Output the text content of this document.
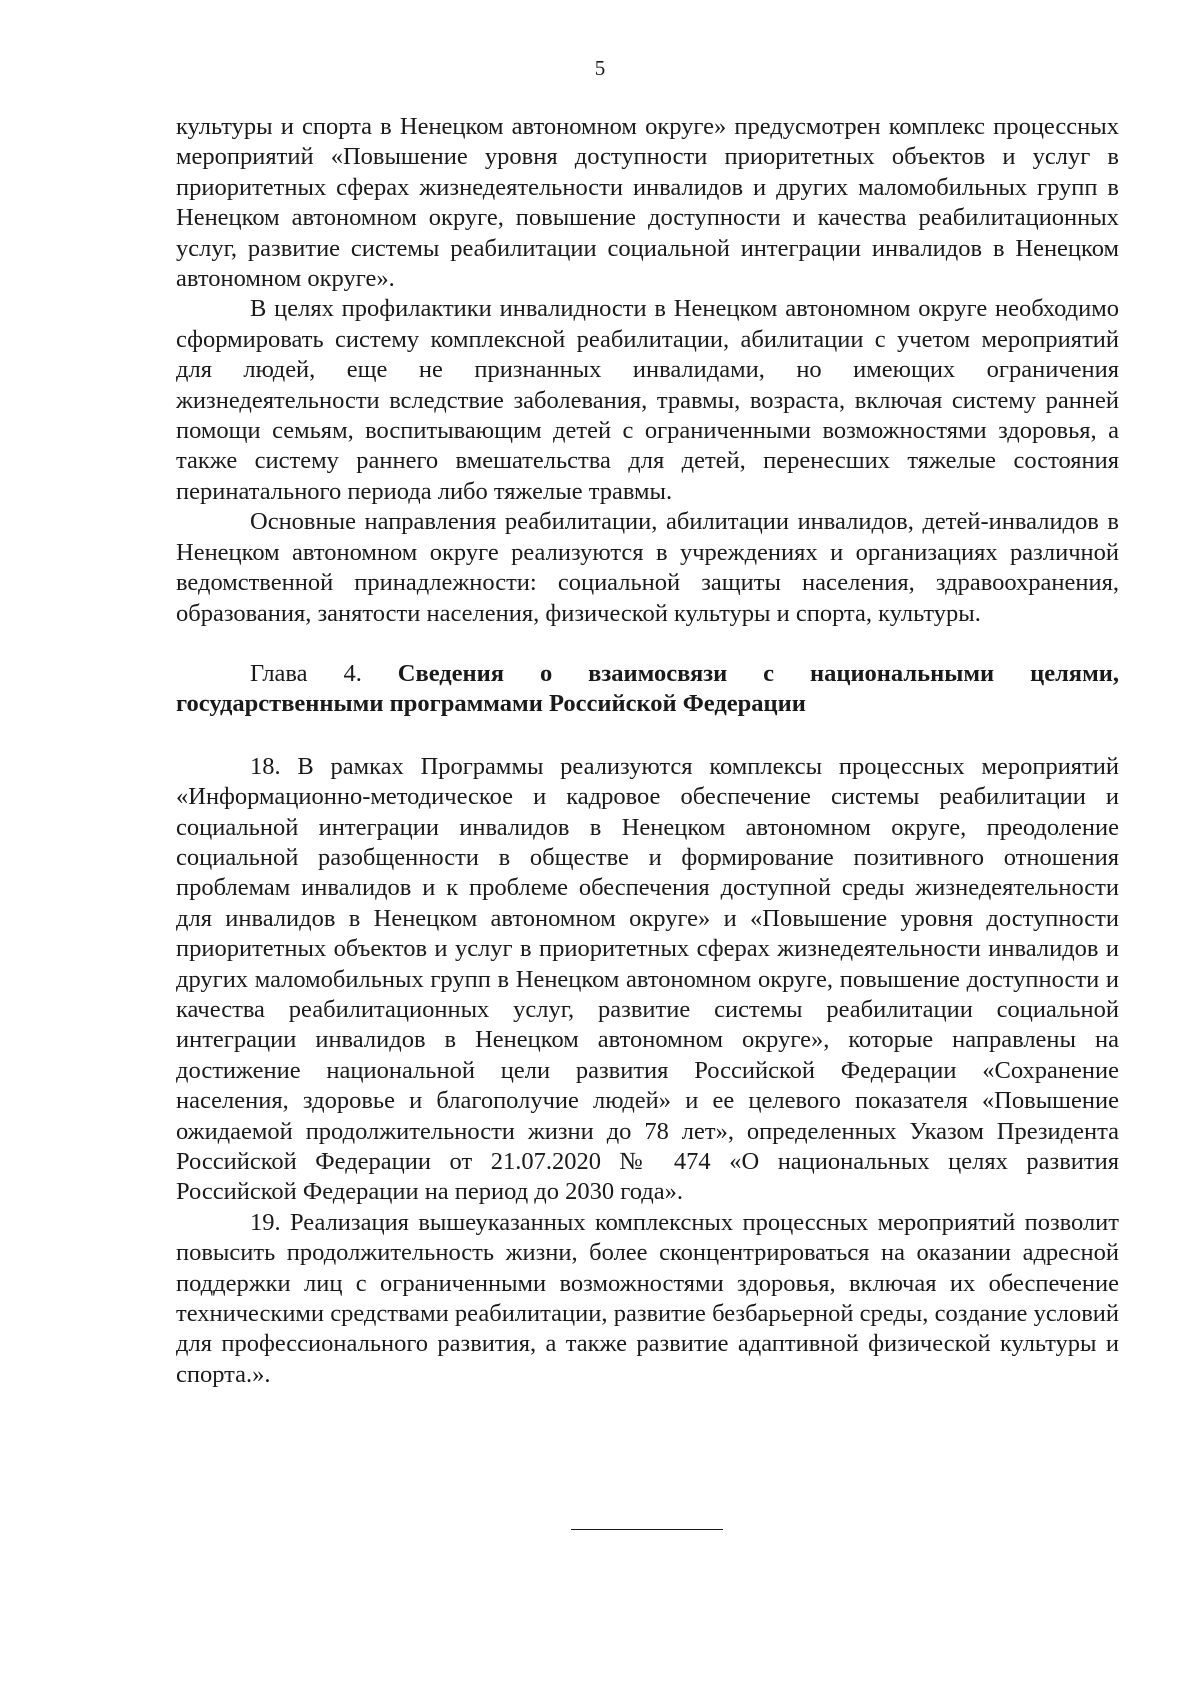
5

культуры и спорта в Ненецком автономном округе» предусмотрен комплекс процессных мероприятий «Повышение уровня доступности приоритетных объектов и услуг в приоритетных сферах жизнедеятельности инвалидов и других маломобильных групп в Ненецком автономном округе, повышение доступности и качества реабилитационных услуг, развитие системы реабилитации социальной интеграции инвалидов в Ненецком автономном округе».

В целях профилактики инвалидности в Ненецком автономном округе необходимо сформировать систему комплексной реабилитации, абилитации с учетом мероприятий для людей, еще не признанных инвалидами, но имеющих ограничения жизнедеятельности вследствие заболевания, травмы, возраста, включая систему ранней помощи семьям, воспитывающим детей с ограниченными возможностями здоровья, а также систему раннего вмешательства для детей, перенесших тяжелые состояния перинатального периода либо тяжелые травмы.

Основные направления реабилитации, абилитации инвалидов, детей-инвалидов в Ненецком автономном округе реализуются в учреждениях и организациях различной ведомственной принадлежности: социальной защиты населения, здравоохранения, образования, занятости населения, физической культуры и спорта, культуры.

Глава 4. Сведения о взаимосвязи с национальными целями, государственными программами Российской Федерации

18. В рамках Программы реализуются комплексы процессных мероприятий «Информационно-методическое и кадровое обеспечение системы реабилитации и социальной интеграции инвалидов в Ненецком автономном округе, преодоление социальной разобщенности в обществе и формирование позитивного отношения проблемам инвалидов и к проблеме обеспечения доступной среды жизнедеятельности для инвалидов в Ненецком автономном округе» и «Повышение уровня доступности приоритетных объектов и услуг в приоритетных сферах жизнедеятельности инвалидов и других маломобильных групп в Ненецком автономном округе, повышение доступности и качества реабилитационных услуг, развитие системы реабилитации социальной интеграции инвалидов в Ненецком автономном округе», которые направлены на достижение национальной цели развития Российской Федерации «Сохранение населения, здоровье и благополучие людей» и ее целевого показателя «Повышение ожидаемой продолжительности жизни до 78 лет», определенных Указом Президента Российской Федерации от 21.07.2020 № 474 «О национальных целях развития Российской Федерации на период до 2030 года».

19. Реализация вышеуказанных комплексных процессных мероприятий позволит повысить продолжительность жизни, более сконцентрироваться на оказании адресной поддержки лиц с ограниченными возможностями здоровья, включая их обеспечение техническими средствами реабилитации, развитие безбарьерной среды, создание условий для профессионального развития, а также развитие адаптивной физической культуры и спорта.».
